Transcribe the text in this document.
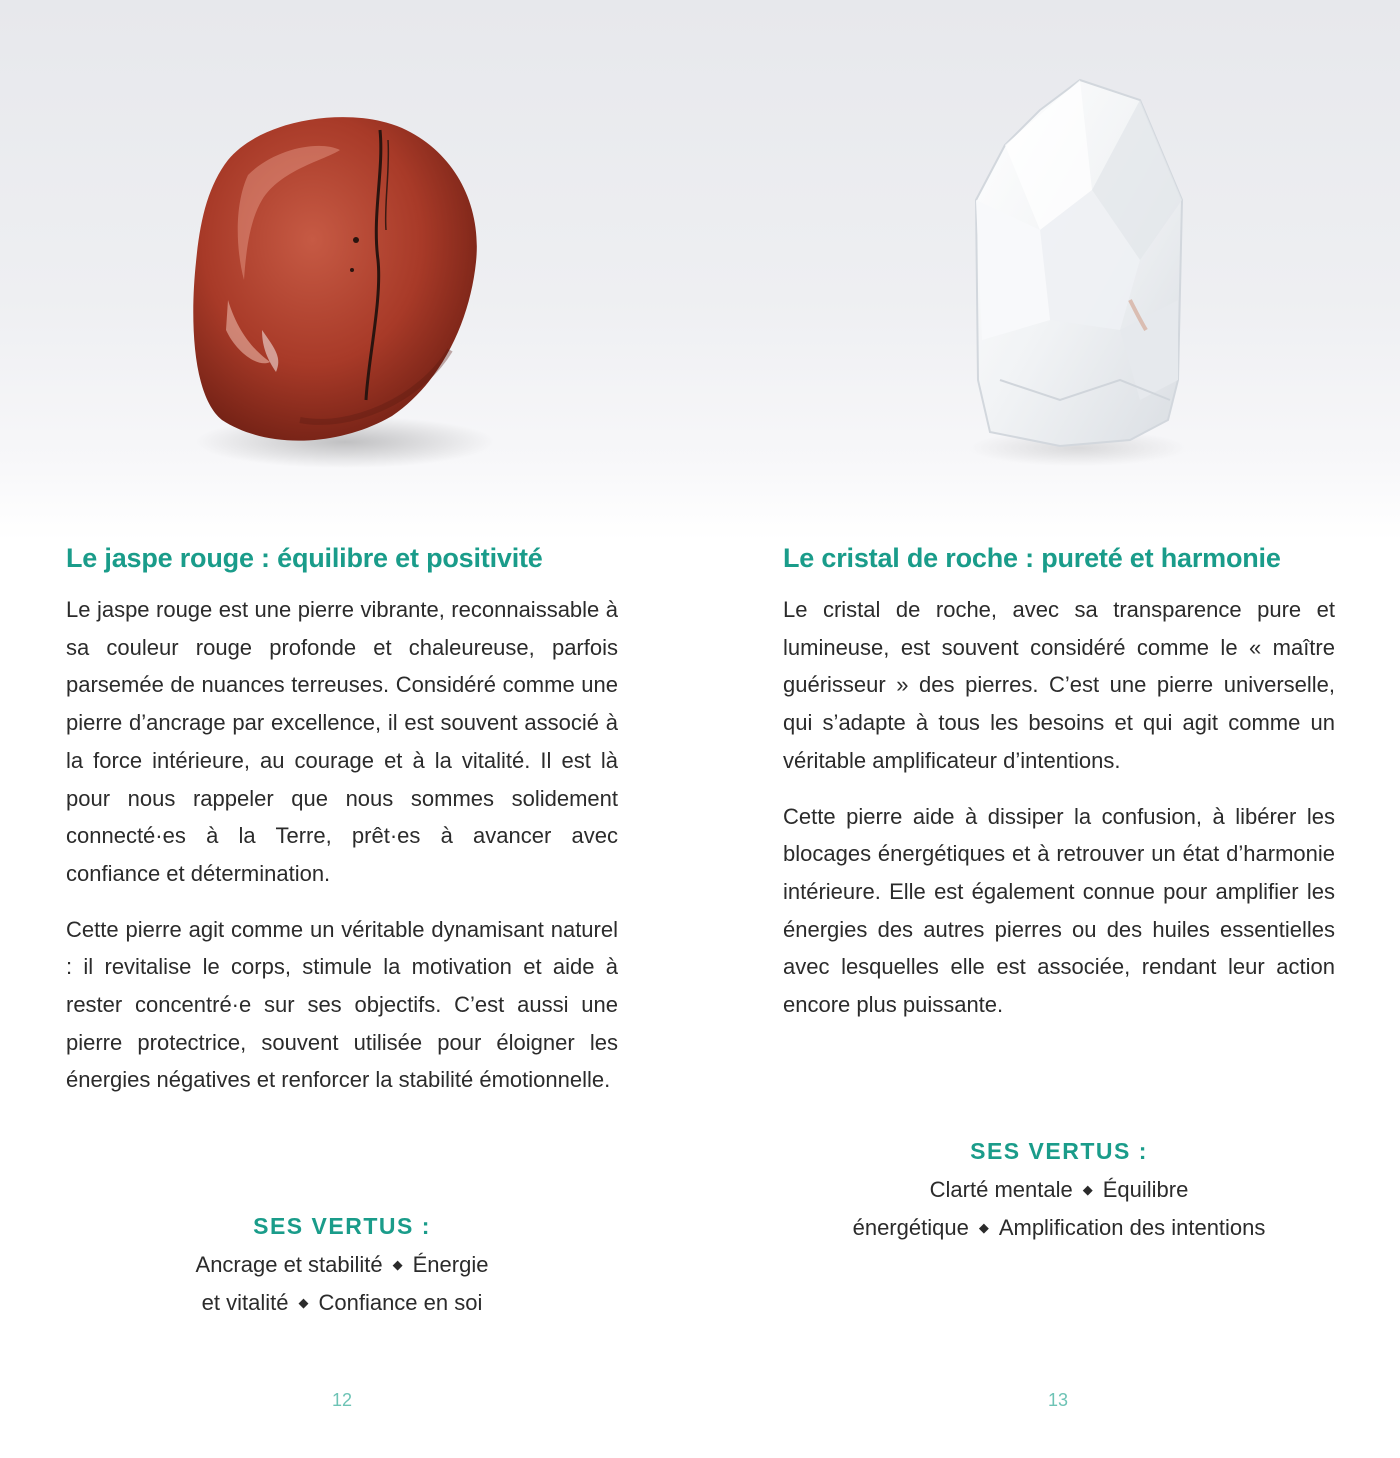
Le jaspe rouge : équilibre et positivité

Le jaspe rouge est une pierre vibrante, reconnaissable à sa couleur rouge profonde et chaleureuse, parfois parsemée de nuances terreuses. Considéré comme une pierre d’ancrage par excellence, il est souvent associé à la force intérieure, au courage et à la vitalité. Il est là pour nous rappeler que nous sommes solidement connecté·es à la Terre, prêt·es à avancer avec confiance et détermination.

Cette pierre agit comme un véritable dynamisant naturel : il revitalise le corps, stimule la motivation et aide à rester concentré·e sur ses objectifs. C’est aussi une pierre protectrice, souvent utilisée pour éloigner les énergies négatives et renforcer la stabilité émotionnelle.

SES VERTUS :
Ancrage et stabilité ◆ Énergie
et vitalité ◆ Confiance en soi
12
Le cristal de roche : pureté et harmonie

Le cristal de roche, avec sa transparence pure et lumineuse, est souvent considéré comme le « maître guérisseur » des pierres. C’est une pierre universelle, qui s’adapte à tous les besoins et qui agit comme un véritable amplificateur d’intentions.

Cette pierre aide à dissiper la confusion, à libérer les blocages énergétiques et à retrouver un état d’harmonie intérieure. Elle est également connue pour amplifier les énergies des autres pierres ou des huiles essentielles avec lesquelles elle est associée, rendant leur action encore plus puissante.

SES VERTUS :
Clarté mentale ◆ Équilibre
énergétique ◆ Amplification des intentions
13
